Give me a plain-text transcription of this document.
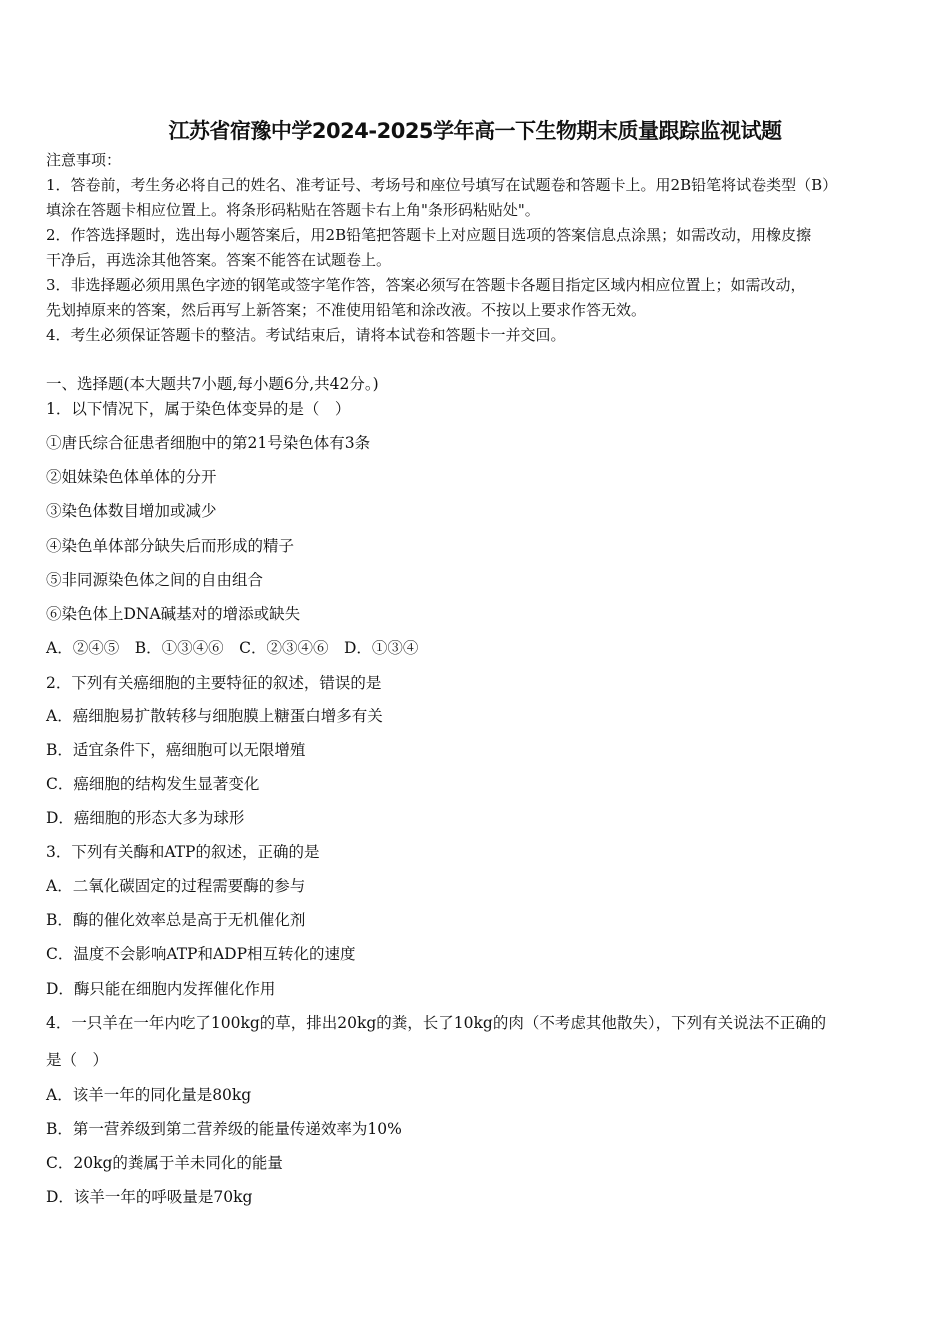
江苏省宿豫中学2024-2025学年高一下生物期末质量跟踪监视试题
注意事项：
1．答卷前，考生务必将自己的姓名、准考证号、考场号和座位号填写在试题卷和答题卡上。用2B铅笔将试卷类型（B）
填涂在答题卡相应位置上。将条形码粘贴在答题卡右上角"条形码粘贴处"。
2．作答选择题时，选出每小题答案后，用2B铅笔把答题卡上对应题目选项的答案信息点涂黑；如需改动，用橡皮擦
干净后，再选涂其他答案。答案不能答在试题卷上。
3．非选择题必须用黑色字迹的钢笔或签字笔作答，答案必须写在答题卡各题目指定区域内相应位置上；如需改动，
先划掉原来的答案，然后再写上新答案；不准使用铅笔和涂改液。不按以上要求作答无效。
4．考生必须保证答题卡的整洁。考试结束后，请将本试卷和答题卡一并交回。
一、选择题(本大题共7小题,每小题6分,共42分。)
1．以下情况下，属于染色体变异的是（　）
①唐氏综合征患者细胞中的第21号染色体有3条
②姐妹染色体单体的分开
③染色体数目增加或减少
④染色单体部分缺失后而形成的精子
⑤非同源染色体之间的自由组合
⑥染色体上DNA碱基对的增添或缺失
A．②④⑤　B．①③④⑥　C．②③④⑥　D．①③④
2．下列有关癌细胞的主要特征的叙述，错误的是
A．癌细胞易扩散转移与细胞膜上糖蛋白增多有关
B．适宜条件下，癌细胞可以无限增殖
C．癌细胞的结构发生显著变化
D．癌细胞的形态大多为球形
3．下列有关酶和ATP的叙述，正确的是
A．二氧化碳固定的过程需要酶的参与
B．酶的催化效率总是高于无机催化剂
C．温度不会影响ATP和ADP相互转化的速度
D．酶只能在细胞内发挥催化作用
4．一只羊在一年内吃了100kg的草，排出20kg的粪，长了10kg的肉（不考虑其他散失），下列有关说法不正确的
是（　）
A．该羊一年的同化量是80kg
B．第一营养级到第二营养级的能量传递效率为10%
C．20kg的粪属于羊未同化的能量
D．该羊一年的呼吸量是70kg
